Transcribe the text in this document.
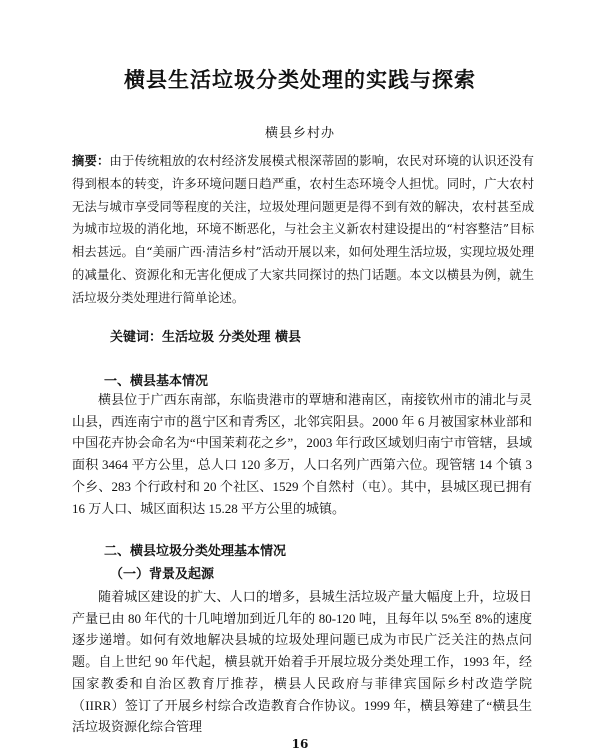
横县生活垃圾分类处理的实践与探索
横县乡村办
摘要：由于传统粗放的农村经济发展模式根深蒂固的影响，农民对环境的认识还没有得到根本的转变，许多环境问题日趋严重，农村生态环境令人担忧。同时，广大农村无法与城市享受同等程度的关注，垃圾处理问题更是得不到有效的解决，农村甚至成为城市垃圾的消化地，环境不断恶化，与社会主义新农村建设提出的“村容整洁”目标相去甚远。自“美丽广西·清洁乡村”活动开展以来，如何处理生活垃圾，实现垃圾处理的减量化、资源化和无害化便成了大家共同探讨的热门话题。本文以横县为例，就生活垃圾分类处理进行简单论述。
关键词：生活垃圾 分类处理 横县
一、横县基本情况

横县位于广西东南部，东临贵港市的覃塘和港南区，南接钦州市的浦北与灵山县，西连南宁市的邕宁区和青秀区，北邻宾阳县。2000 年 6 月被国家林业部和中国花卉协会命名为“中国茉莉花之乡”，2003 年行政区域划归南宁市管辖，县域面积 3464 平方公里，总人口 120 多万，人口名列广西第六位。现管辖 14 个镇 3 个乡、283 个行政村和 20 个社区、1529 个自然村（屯）。其中，县城区现已拥有 16 万人口、城区面积达 15.28 平方公里的城镇。

二、横县垃圾分类处理基本情况
（一）背景及起源

随着城区建设的扩大、人口的增多，县城生活垃圾产量大幅度上升，垃圾日产量已由 80 年代的十几吨增加到近几年的 80-120 吨，且每年以 5%至 8%的速度逐步递增。如何有效地解决县城的垃圾处理问题已成为市民广泛关注的热点问题。自上世纪 90 年代起，横县就开始着手开展垃圾分类处理工作，1993 年，经国家教委和自治区教育厅推荐，横县人民政府与菲律宾国际乡村改造学院（IIRR）签订了开展乡村综合改造教育合作协议。1999 年，横县筹建了“横县生活垃圾资源化综合管理

16
